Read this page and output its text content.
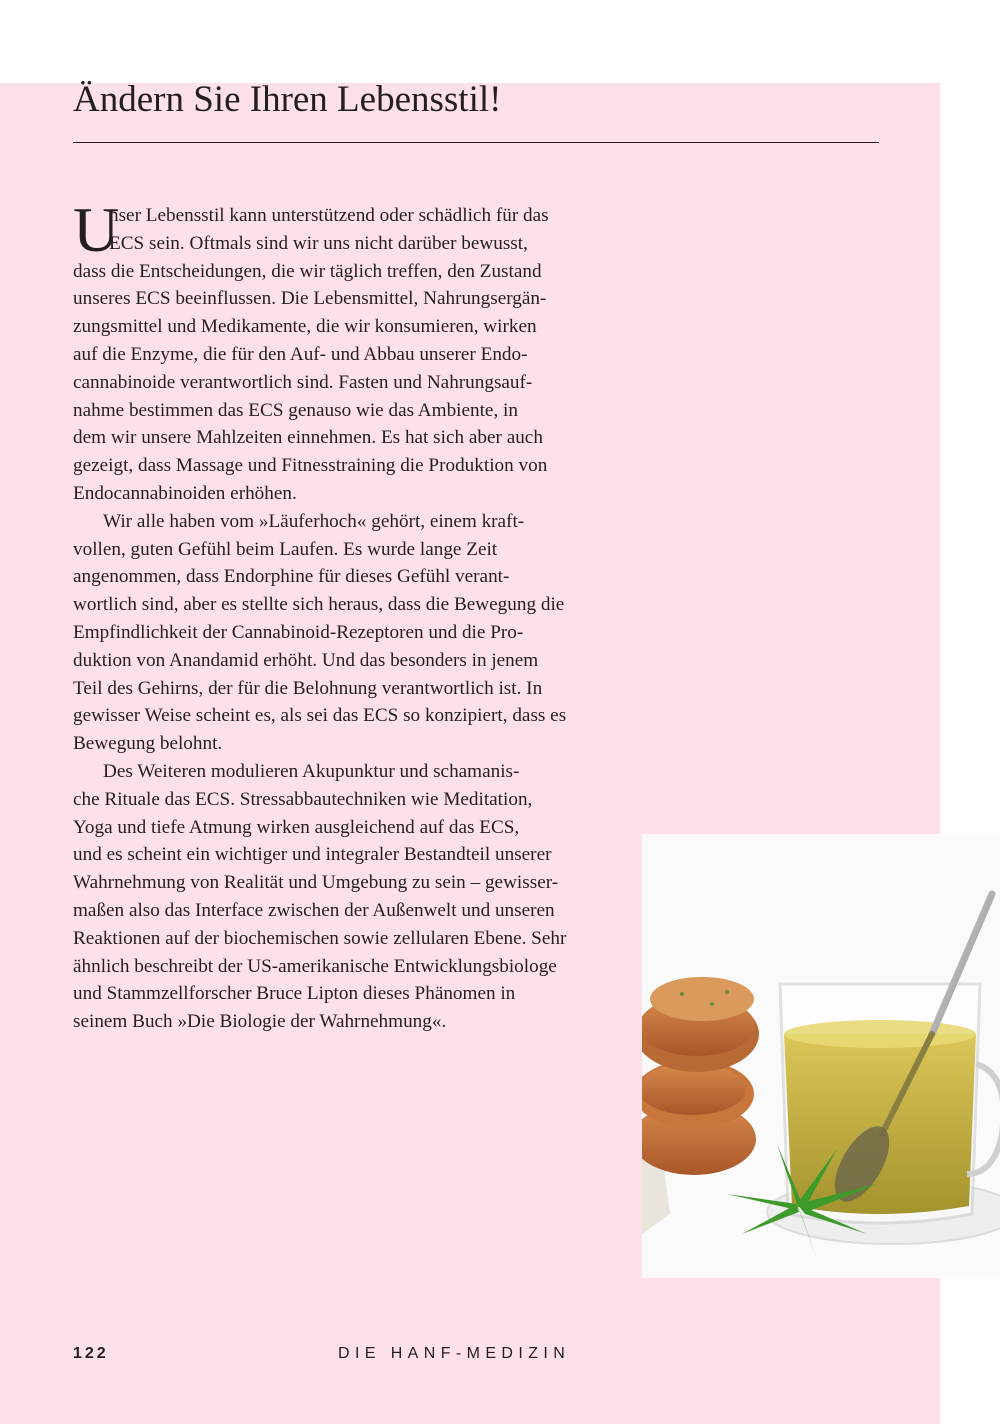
Ändern Sie Ihren Lebensstil!
U
nser Lebensstil kann unterstützend oder schädlich für das
ECS sein. Oftmals sind wir uns nicht darüber bewusst,
dass die Entscheidungen, die wir täglich treffen, den Zustand
unseres ECS beeinflussen. Die Lebensmittel, Nahrungsergän-
zungsmittel und Medikamente, die wir konsumieren, wirken
auf die Enzyme, die für den Auf- und Abbau unserer Endo-
cannabinoide verantwortlich sind. Fasten und Nahrungsauf-
nahme bestimmen das ECS genauso wie das Ambiente, in
dem wir unsere Mahlzeiten einnehmen. Es hat sich aber auch
gezeigt, dass Massage und Fitnesstraining die Produktion von
Endocannabinoiden erhöhen.
Wir alle haben vom »Läuferhoch« gehört, einem kraft-
vollen, guten Gefühl beim Laufen. Es wurde lange Zeit
angenommen, dass Endorphine für dieses Gefühl verant-
wortlich sind, aber es stellte sich heraus, dass die Bewegung die
Empfindlichkeit der Cannabinoid-Rezeptoren und die Pro-
duktion von Anandamid erhöht. Und das besonders in jenem
Teil des Gehirns, der für die Belohnung verantwortlich ist. In
gewisser Weise scheint es, als sei das ECS so konzipiert, dass es
Bewegung belohnt.
Des Weiteren modulieren Akupunktur und schamanis-
che Rituale das ECS. Stressabbautechniken wie Meditation,
Yoga und tiefe Atmung wirken ausgleichend auf das ECS,
und es scheint ein wichtiger und integraler Bestandteil unserer
Wahrnehmung von Realität und Umgebung zu sein – gewisser-
maßen also das Interface zwischen der Außenwelt und unseren
Reaktionen auf der biochemischen sowie zellularen Ebene. Sehr
ähnlich beschreibt der US-amerikanische Entwicklungsbiologe
und Stammzellforscher Bruce Lipton dieses Phänomen in
seinem Buch »Die Biologie der Wahrnehmung«.
122	DIE HANF-MEDIZIN
